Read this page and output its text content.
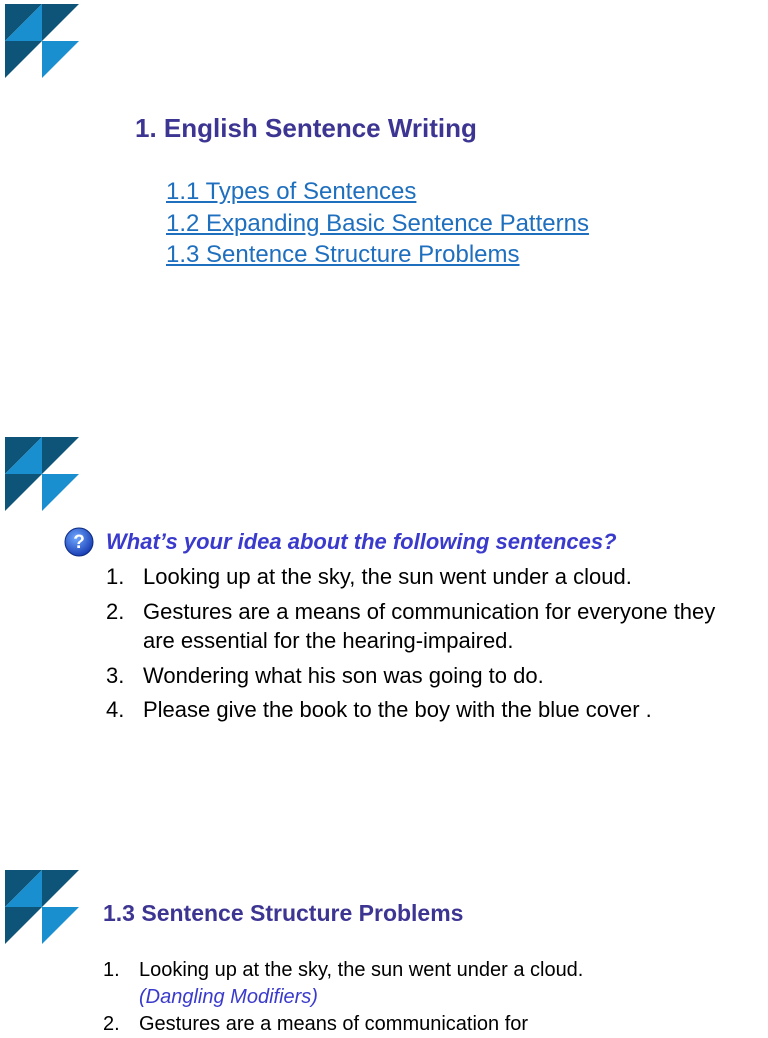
1. English Sentence Writing
1.1 Types of Sentences
1.2 Expanding Basic Sentence Patterns
1.3 Sentence Structure Problems
? What’s your idea about the following sentences?
1. Looking up at the sky, the sun went under a cloud.
2. Gestures are a means of communication for everyone they are essential for the hearing-impaired.
3. Wondering what his son was going to do.
4. Please give the book to the boy with the blue cover .
1.3 Sentence Structure Problems
1. Looking up at the sky, the sun went under a cloud.
(Dangling Modifiers)
2. Gestures are a means of communication for
